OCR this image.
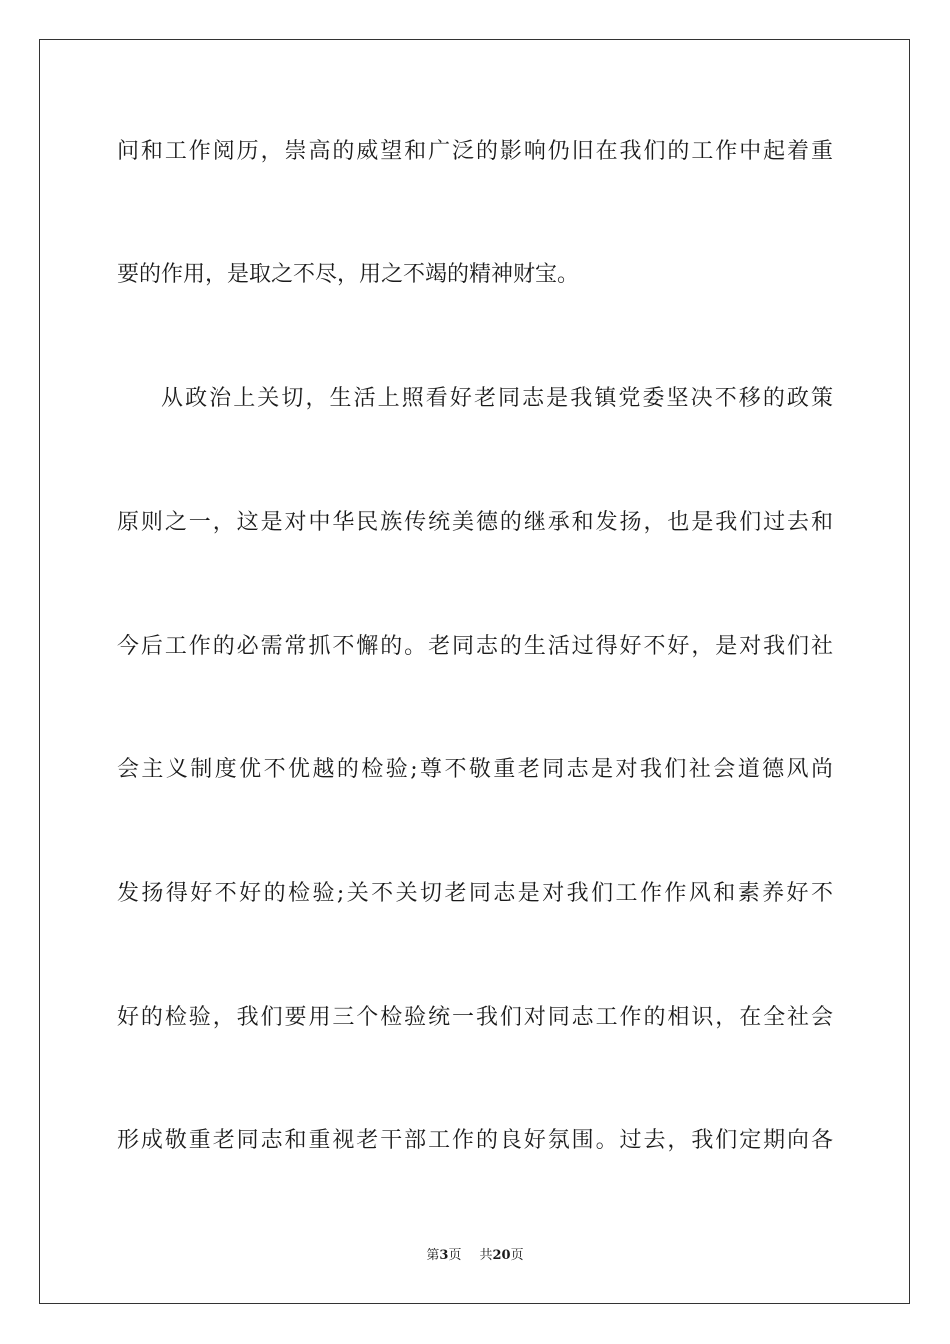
问和工作阅历，崇高的威望和广泛的影响仍旧在我们的工作中起着重
要的作用，是取之不尽，用之不竭的精神财宝。
从政治上关切，生活上照看好老同志是我镇党委坚决不移的政策
原则之一，这是对中华民族传统美德的继承和发扬，也是我们过去和
今后工作的必需常抓不懈的。老同志的生活过得好不好，是对我们社
会主义制度优不优越的检验;尊不敬重老同志是对我们社会道德风尚
发扬得好不好的检验;关不关切老同志是对我们工作作风和素养好不
好的检验，我们要用三个检验统一我们对同志工作的相识，在全社会
形成敬重老同志和重视老干部工作的良好氛围。过去，我们定期向各
第3页 共20页
